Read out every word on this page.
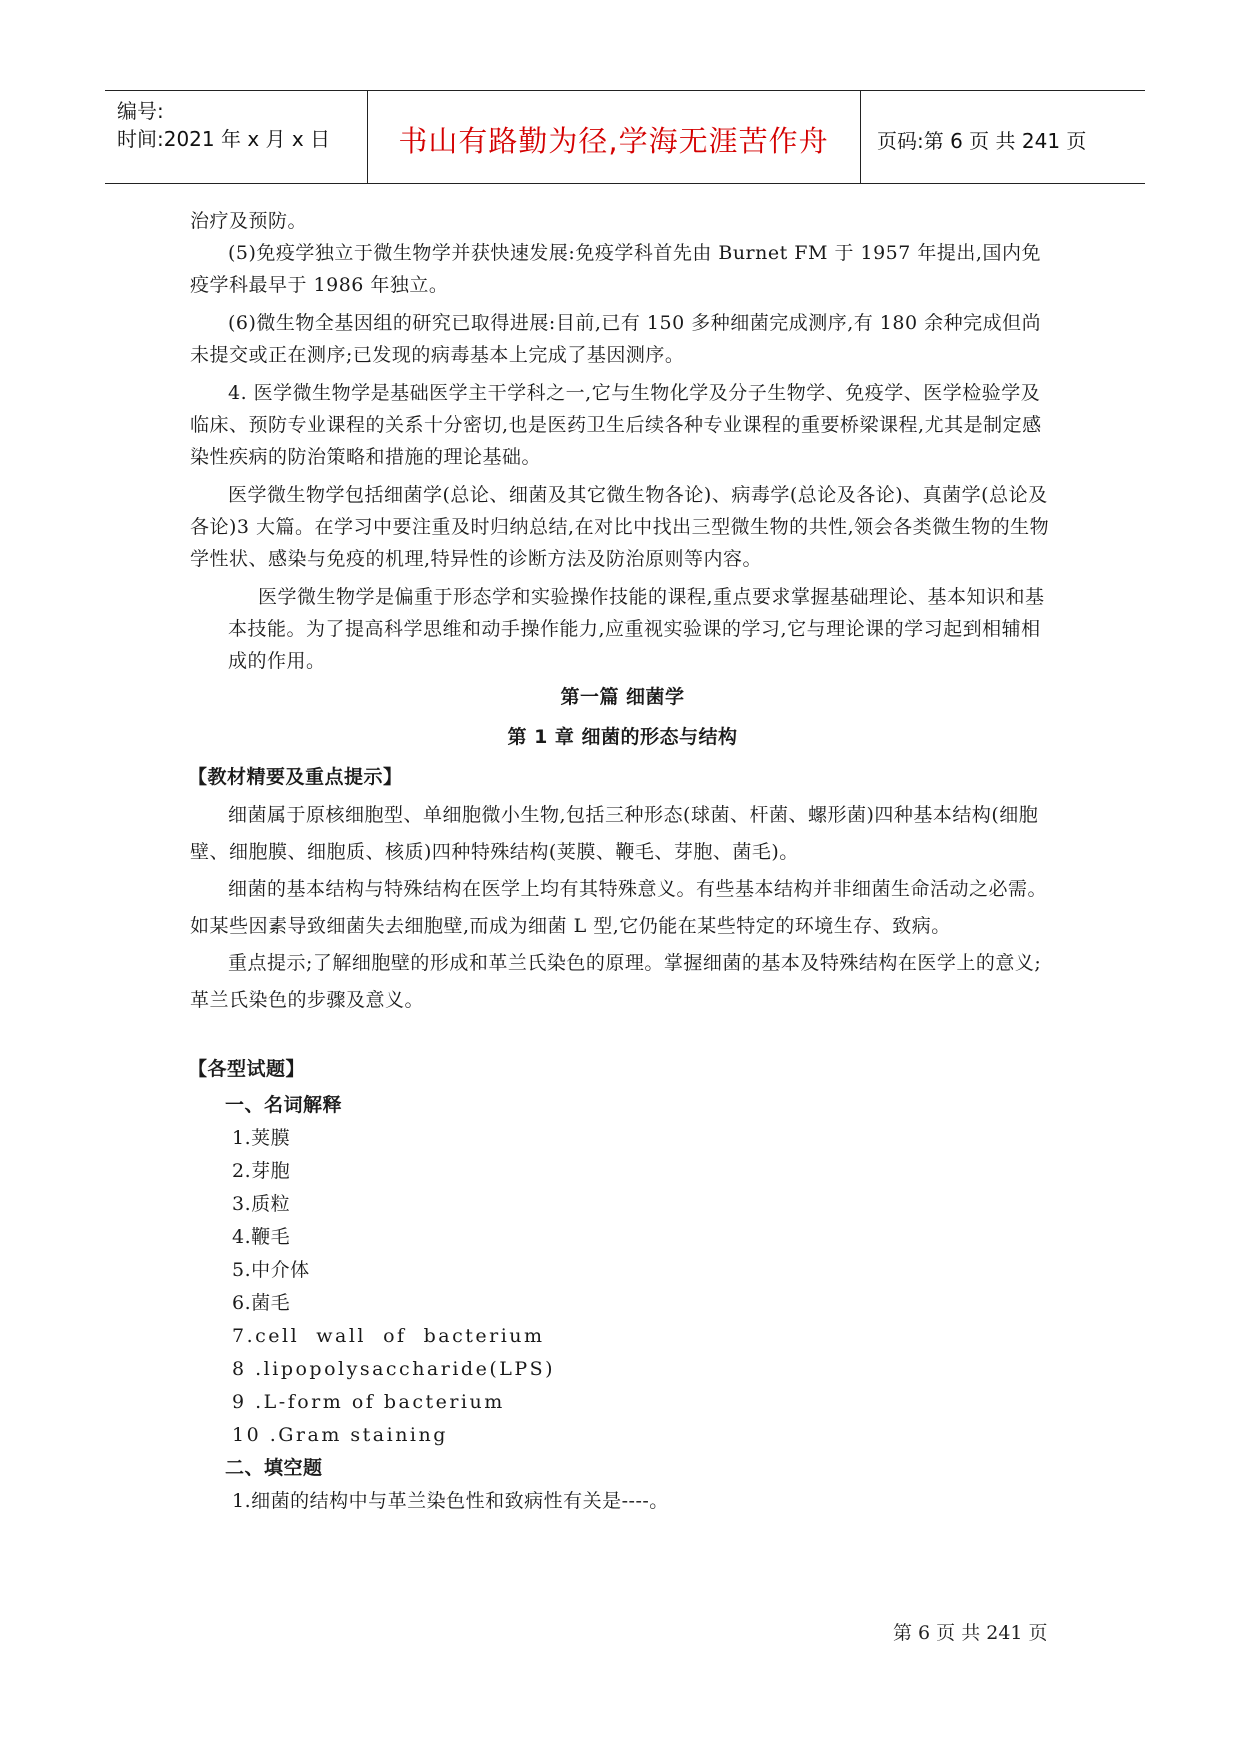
编号:
时间:2021 年 x 月 x 日	书山有路勤为径,学海无涯苦作舟	页码:第 6 页 共 241 页

治疗及预防。

(5)免疫学独立于微生物学并获快速发展:免疫学科首先由 Burnet FM 于 1957 年提出,国内免疫学科最早于 1986 年独立。

(6)微生物全基因组的研究已取得进展:目前,已有 150 多种细菌完成测序,有 180 余种完成但尚未提交或正在测序;已发现的病毒基本上完成了基因测序。

4. 医学微生物学是基础医学主干学科之一,它与生物化学及分子生物学、免疫学、医学检验学及临床、预防专业课程的关系十分密切,也是医药卫生后续各种专业课程的重要桥梁课程,尤其是制定感染性疾病的防治策略和措施的理论基础。

医学微生物学包括细菌学(总论、细菌及其它微生物各论)、病毒学(总论及各论)、真菌学(总论及各论)3 大篇。在学习中要注重及时归纳总结,在对比中找出三型微生物的共性,领会各类微生物的生物学性状、感染与免疫的机理,特异性的诊断方法及防治原则等内容。

医学微生物学是偏重于形态学和实验操作技能的课程,重点要求掌握基础理论、基本知识和基本技能。为了提高科学思维和动手操作能力,应重视实验课的学习,它与理论课的学习起到相辅相成的作用。

第一篇 细菌学
第 1 章 细菌的形态与结构
【教材精要及重点提示】

细菌属于原核细胞型、单细胞微小生物,包括三种形态(球菌、杆菌、螺形菌)四种基本结构(细胞壁、细胞膜、细胞质、核质)四种特殊结构(荚膜、鞭毛、芽胞、菌毛)。

细菌的基本结构与特殊结构在医学上均有其特殊意义。有些基本结构并非细菌生命活动之必需。如某些因素导致细菌失去细胞壁,而成为细菌 L 型,它仍能在某些特定的环境生存、致病。

重点提示;了解细胞壁的形成和革兰氏染色的原理。掌握细菌的基本及特殊结构在医学上的意义;革兰氏染色的步骤及意义。

【各型试题】
一、名词解释
1.荚膜
2.芽胞
3.质粒
4.鞭毛
5.中介体
6.菌毛
7.cell  wall  of  bacterium
8 .lipopolysaccharide(LPS)
9 .L-form of bacterium
10 .Gram staining
二、填空题
1.细菌的结构中与革兰染色性和致病性有关是----。
第 6 页 共 241 页
